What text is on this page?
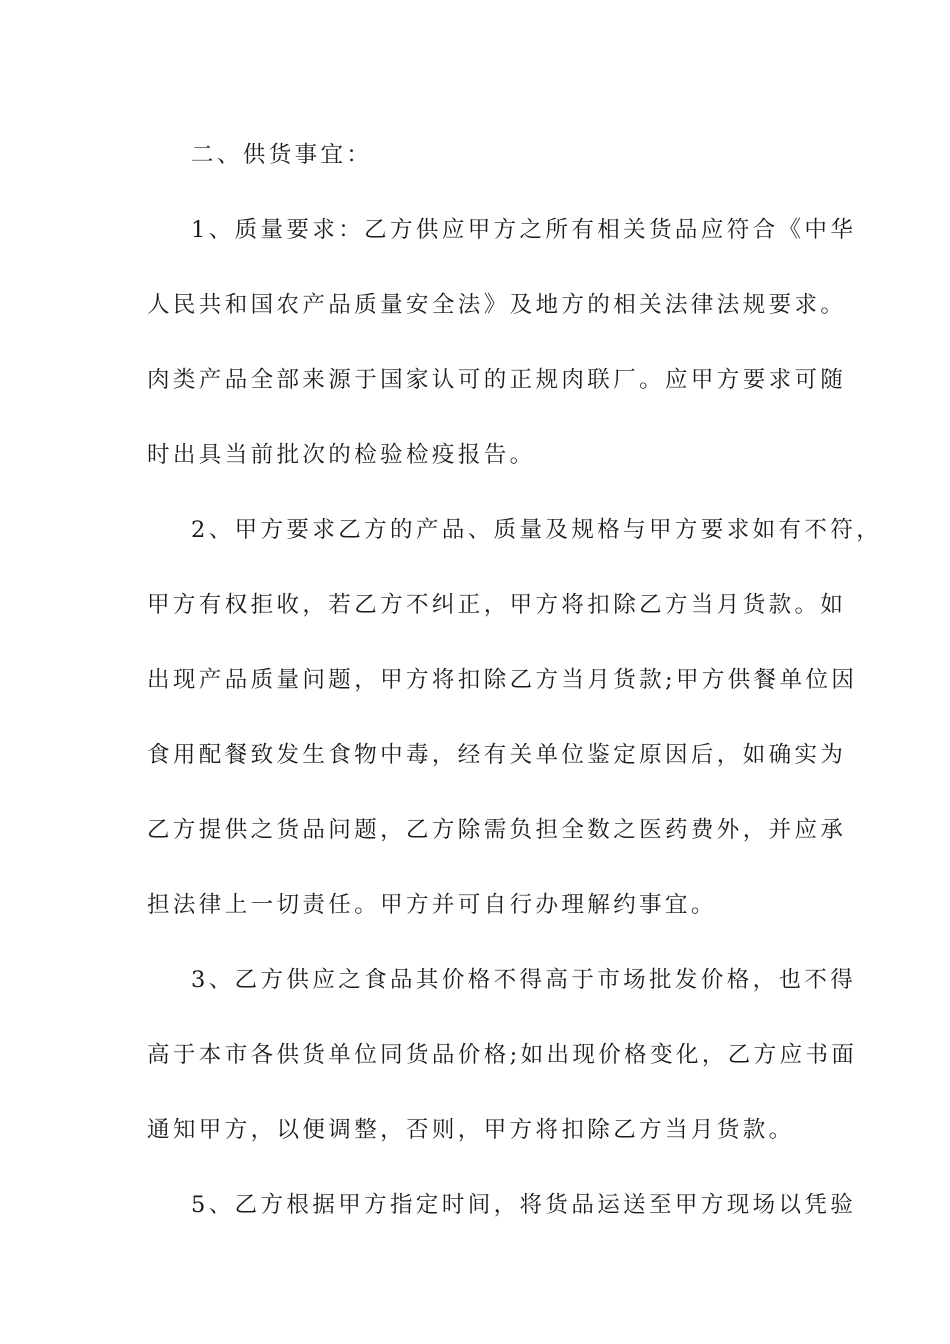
二、供货事宜：
1、质量要求：乙方供应甲方之所有相关货品应符合《中华
人民共和国农产品质量安全法》及地方的相关法律法规要求。
肉类产品全部来源于国家认可的正规肉联厂。应甲方要求可随
时出具当前批次的检验检疫报告。
2、甲方要求乙方的产品、质量及规格与甲方要求如有不符，
甲方有权拒收，若乙方不纠正，甲方将扣除乙方当月货款。如
出现产品质量问题，甲方将扣除乙方当月货款;甲方供餐单位因
食用配餐致发生食物中毒，经有关单位鉴定原因后，如确实为
乙方提供之货品问题，乙方除需负担全数之医药费外，并应承
担法律上一切责任。甲方并可自行办理解约事宜。
3、乙方供应之食品其价格不得高于市场批发价格，也不得
高于本市各供货单位同货品价格;如出现价格变化，乙方应书面
通知甲方，以便调整，否则，甲方将扣除乙方当月货款。
5、乙方根据甲方指定时间，将货品运送至甲方现场以凭验
